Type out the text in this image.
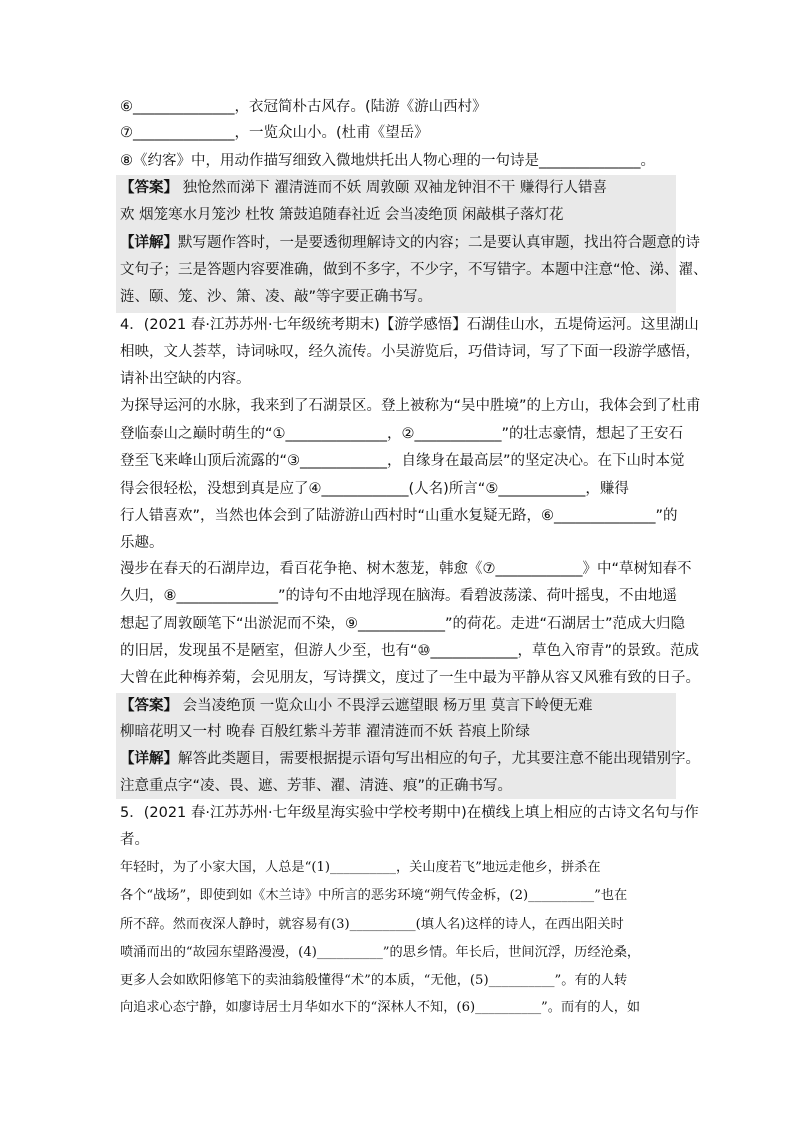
⑥______________，衣冠简朴古风存。(陆游《游山西村》
⑦______________，一览众山小。(杜甫《望岳》
⑧《约客》中，用动作描写细致入微地烘托出人物心理的一句诗是______________。
【答案】 独怆然而涕下 濯清涟而不妖 周敦颐 双袖龙钟泪不干 赚得行人错喜
欢 烟笼寒水月笼沙 杜牧 箫鼓追随春社近 会当凌绝顶 闲敲棋子落灯花
【详解】默写题作答时，一是要透彻理解诗文的内容；二是要认真审题，找出符合题意的诗
文句子；三是答题内容要准确，做到不多字，不少字，不写错字。本题中注意“怆、涕、濯、
涟、颐、笼、沙、箫、凌、敲”等字要正确书写。
4．(2021 春·江苏苏州·七年级统考期末)【游学感悟】石湖佳山水，五堤倚运河。这里湖山
相映，文人荟萃，诗词咏叹，经久流传。小吴游览后，巧借诗词，写了下面一段游学感悟，
请补出空缺的内容。
为探导运河的水脉，我来到了石湖景区。登上被称为“吴中胜境”的上方山，我体会到了杜甫
登临泰山之巅时萌生的“①______________，②____________”的壮志豪情，想起了王安石
登至飞来峰山顶后流露的“③____________，自缘身在最高层”的坚定决心。在下山时本觉
得会很轻松，没想到真是应了④____________(人名)所言“⑤____________，赚得
行人错喜欢”，当然也体会到了陆游游山西村时“山重水复疑无路，⑥______________”的
乐趣。
漫步在春天的石湖岸边，看百花争艳、树木葱茏，韩愈《⑦____________》中“草树知春不
久归，⑧______________”的诗句不由地浮现在脑海。看碧波荡漾、荷叶摇曳，不由地遥
想起了周敦颐笔下“出淤泥而不染，⑨____________”的荷花。走进“石湖居士”范成大归隐
的旧居，发现虽不是陋室，但游人少至，也有“⑩____________，草色入帘青”的景致。范成
大曾在此种梅养菊，会见朋友，写诗撰文，度过了一生中最为平静从容又风雅有致的日子。
【答案】 会当凌绝顶 一览众山小 不畏浮云遮望眼 杨万里 莫言下岭便无难
柳暗花明又一村 晚春 百般红紫斗芳菲 濯清涟而不妖 苔痕上阶绿
【详解】解答此类题目，需要根据提示语句写出相应的句子，尤其要注意不能出现错别字。
注意重点字“凌、畏、遮、芳菲、濯、清涟、痕”的正确书写。
5．(2021 春·江苏苏州·七年级星海实验中学校考期中)在横线上填上相应的古诗文名句与作
者。
年轻时，为了小家大国，人总是“(1)__________，关山度若飞”地远走他乡，拼杀在
各个“战场”，即使到如《木兰诗》中所言的恶劣环境“朔气传金柝，(2)__________”也在
所不辞。然而夜深人静时，就容易有(3)__________(填人名)这样的诗人，在西出阳关时
喷涌而出的“故园东望路漫漫，(4)__________”的思乡情。年长后，世间沉浮，历经沧桑，
更多人会如欧阳修笔下的卖油翁般懂得“术”的本质，“无他，(5)__________”。有的人转
向追求心态宁静，如廖诗居士月华如水下的“深林人不知，(6)__________”。而有的人，如
